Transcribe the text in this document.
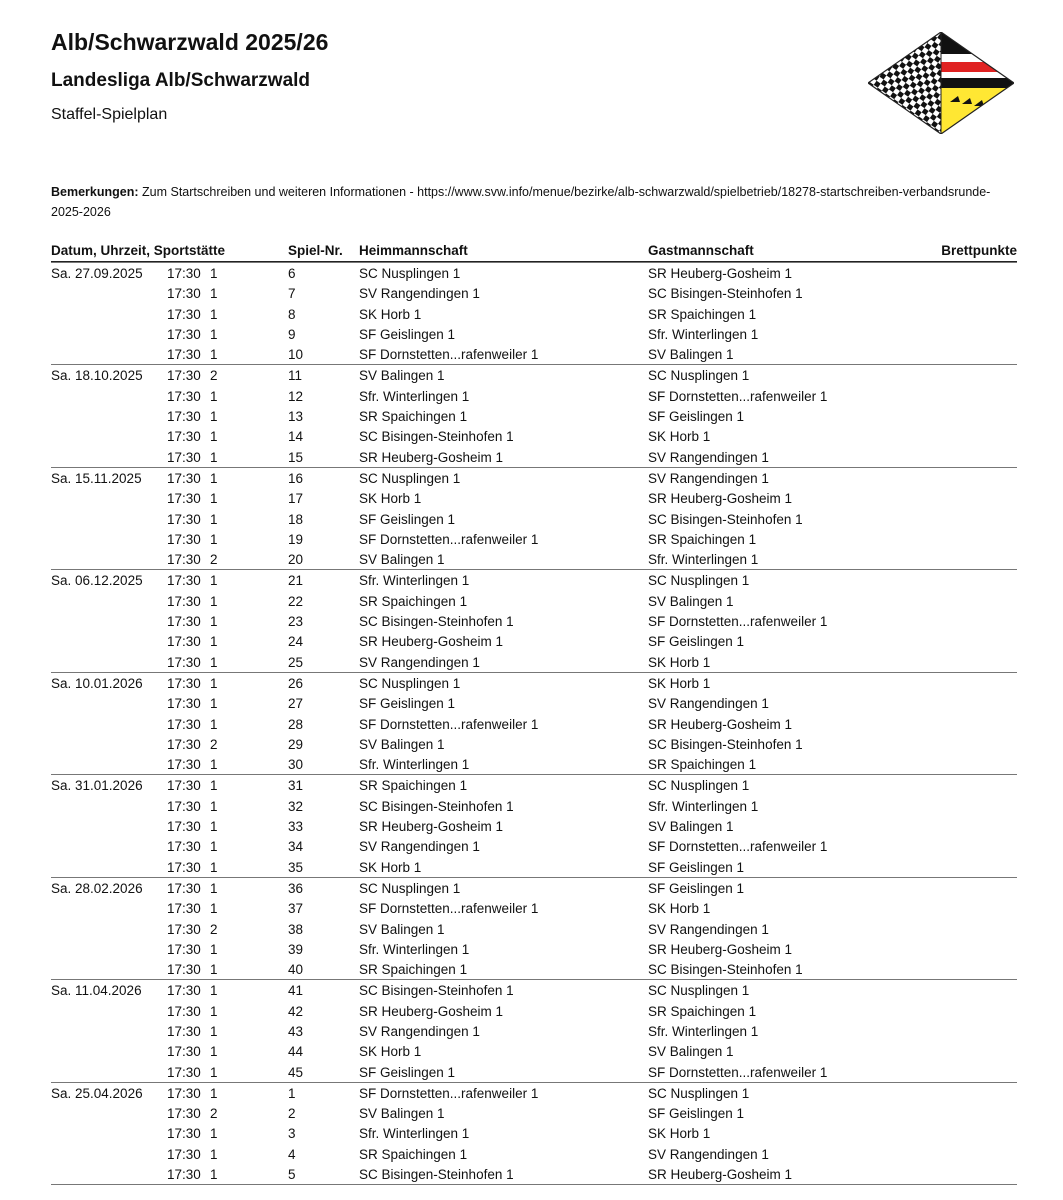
Alb/Schwarzwald 2025/26
Landesliga Alb/Schwarzwald
Staffel-Spielplan
Bemerkungen: Zum Startschreiben und weiteren Informationen - https://www.svw.info/menue/bezirke/alb-schwarzwald/spielbetrieb/18278-startschreiben-verbandsrunde-2025-2026
Datum, Uhrzeit, Sportstätte	Spiel-Nr. Heimmannschaft	Gastmannschaft	Brettpunkte
Sa. 27.09.2025 17:30 1	6	SC Nusplingen 1	SR Heuberg-Gosheim 1
17:30 1	7	SV Rangendingen 1	SC Bisingen-Steinhofen 1
17:30 1	8	SK Horb 1	SR Spaichingen 1
17:30 1	9	SF Geislingen 1	Sfr. Winterlingen 1
17:30 1	10	SF Dornstetten...rafenweiler 1	SV Balingen 1
Sa. 18.10.2025 17:30 2	11	SV Balingen 1	SC Nusplingen 1
17:30 1	12	Sfr. Winterlingen 1	SF Dornstetten...rafenweiler 1
17:30 1	13	SR Spaichingen 1	SF Geislingen 1
17:30 1	14	SC Bisingen-Steinhofen 1	SK Horb 1
17:30 1	15	SR Heuberg-Gosheim 1	SV Rangendingen 1
Sa. 15.11.2025 17:30 1	16	SC Nusplingen 1	SV Rangendingen 1
17:30 1	17	SK Horb 1	SR Heuberg-Gosheim 1
17:30 1	18	SF Geislingen 1	SC Bisingen-Steinhofen 1
17:30 1	19	SF Dornstetten...rafenweiler 1	SR Spaichingen 1
17:30 2	20	SV Balingen 1	Sfr. Winterlingen 1
Sa. 06.12.2025 17:30 1	21	Sfr. Winterlingen 1	SC Nusplingen 1
17:30 1	22	SR Spaichingen 1	SV Balingen 1
17:30 1	23	SC Bisingen-Steinhofen 1	SF Dornstetten...rafenweiler 1
17:30 1	24	SR Heuberg-Gosheim 1	SF Geislingen 1
17:30 1	25	SV Rangendingen 1	SK Horb 1
Sa. 10.01.2026 17:30 1	26	SC Nusplingen 1	SK Horb 1
17:30 1	27	SF Geislingen 1	SV Rangendingen 1
17:30 1	28	SF Dornstetten...rafenweiler 1	SR Heuberg-Gosheim 1
17:30 2	29	SV Balingen 1	SC Bisingen-Steinhofen 1
17:30 1	30	Sfr. Winterlingen 1	SR Spaichingen 1
Sa. 31.01.2026 17:30 1	31	SR Spaichingen 1	SC Nusplingen 1
17:30 1	32	SC Bisingen-Steinhofen 1	Sfr. Winterlingen 1
17:30 1	33	SR Heuberg-Gosheim 1	SV Balingen 1
17:30 1	34	SV Rangendingen 1	SF Dornstetten...rafenweiler 1
17:30 1	35	SK Horb 1	SF Geislingen 1
Sa. 28.02.2026 17:30 1	36	SC Nusplingen 1	SF Geislingen 1
17:30 1	37	SF Dornstetten...rafenweiler 1	SK Horb 1
17:30 2	38	SV Balingen 1	SV Rangendingen 1
17:30 1	39	Sfr. Winterlingen 1	SR Heuberg-Gosheim 1
17:30 1	40	SR Spaichingen 1	SC Bisingen-Steinhofen 1
Sa. 11.04.2026 17:30 1	41	SC Bisingen-Steinhofen 1	SC Nusplingen 1
17:30 1	42	SR Heuberg-Gosheim 1	SR Spaichingen 1
17:30 1	43	SV Rangendingen 1	Sfr. Winterlingen 1
17:30 1	44	SK Horb 1	SV Balingen 1
17:30 1	45	SF Geislingen 1	SF Dornstetten...rafenweiler 1
Sa. 25.04.2026 17:30 1	1	SF Dornstetten...rafenweiler 1	SC Nusplingen 1
17:30 2	2	SV Balingen 1	SF Geislingen 1
17:30 1	3	Sfr. Winterlingen 1	SK Horb 1
17:30 1	4	SR Spaichingen 1	SV Rangendingen 1
17:30 1	5	SC Bisingen-Steinhofen 1	SR Heuberg-Gosheim 1
